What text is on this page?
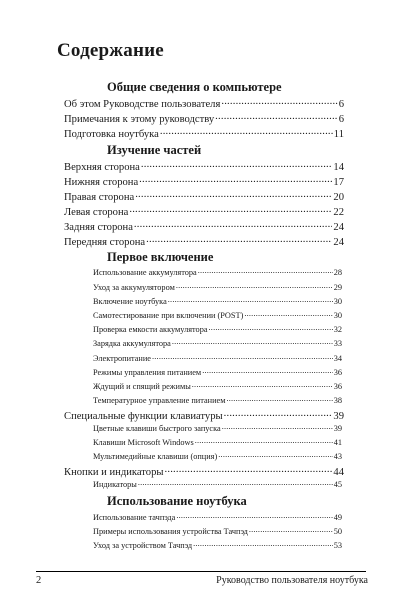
Содержание
Общие сведения о компьютере
Об этом Руководстве пользователя .....	6
Примечания к этому руководству .....	6
Подготовка ноутбука .....	11
Изучение частей
Верхняя сторона .....	14
Нижняя сторона .....	17
Правая сторона .....	20
Левая сторона .....	22
Задняя сторона .....	24
Передняя сторона .....	24
Первое включение
Использование аккумулятора .....	28
Уход за аккумулятором .....	29
Включение ноутбука .....	30
Самотестирование при включении (POST) .....	30
Проверка емкости аккумулятора .....	32
Зарядка аккумулятора .....	33
Электропитание .....	34
Режимы управления питанием .....	36
Ждущий и спящий режимы .....	36
Температурное управление питанием .....	38
Специальные функции клавиатуры .....	39
Цветные клавиши быстрого запуска .....	39
Клавиши Microsoft Windows .....	41
Мультимедийные клавиши (опция) .....	43
Кнопки и индикаторы .....	44
Индикаторы .....	45
Использование ноутбука
Использование тачпэда .....	49
Примеры использования устройства Тачпэд .....	50
Уход за устройством Тачпэд .....	53
2	Руководство пользователя ноутбука
